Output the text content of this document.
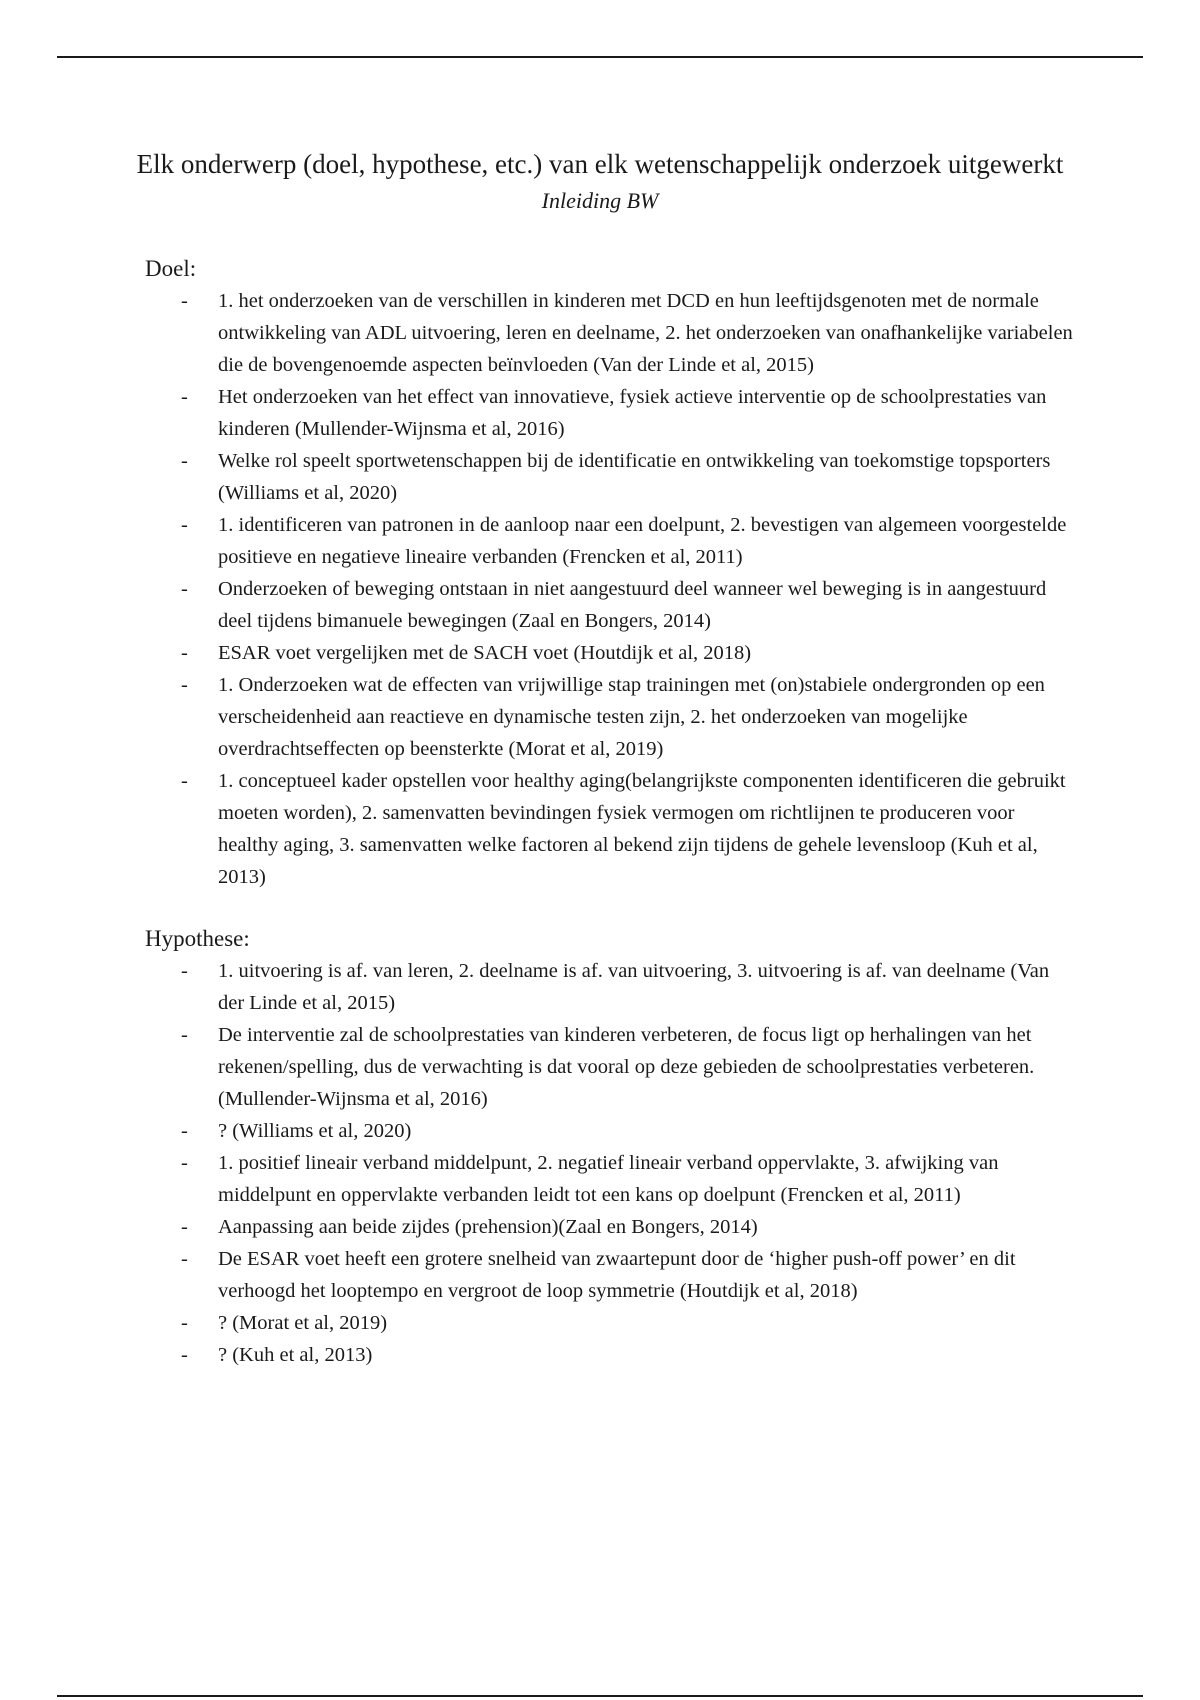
Elk onderwerp (doel, hypothese, etc.) van elk wetenschappelijk onderzoek uitgewerkt
Inleiding BW
Doel:
- 1. het onderzoeken van de verschillen in kinderen met DCD en hun leeftijdsgenoten met de normale ontwikkeling van ADL uitvoering, leren en deelname, 2. het onderzoeken van onafhankelijke variabelen die de bovengenoemde aspecten beïnvloeden (Van der Linde et al, 2015)
- Het onderzoeken van het effect van innovatieve, fysiek actieve interventie op de schoolprestaties van kinderen (Mullender-Wijnsma et al, 2016)
- Welke rol speelt sportwetenschappen bij de identificatie en ontwikkeling van toekomstige topsporters (Williams et al, 2020)
- 1. identificeren van patronen in de aanloop naar een doelpunt, 2. bevestigen van algemeen voorgestelde positieve en negatieve lineaire verbanden (Frencken et al, 2011)
- Onderzoeken of beweging ontstaan in niet aangestuurd deel wanneer wel beweging is in aangestuurd deel tijdens bimanuele bewegingen (Zaal en Bongers, 2014)
- ESAR voet vergelijken met de SACH voet (Houtdijk et al, 2018)
- 1. Onderzoeken wat de effecten van vrijwillige stap trainingen met (on)stabiele ondergronden op een verscheidenheid aan reactieve en dynamische testen zijn, 2. het onderzoeken van mogelijke overdrachtseffecten op beensterkte (Morat et al, 2019)
- 1. conceptueel kader opstellen voor healthy aging(belangrijkste componenten identificeren die gebruikt moeten worden), 2. samenvatten bevindingen fysiek vermogen om richtlijnen te produceren voor healthy aging, 3. samenvatten welke factoren al bekend zijn tijdens de gehele levensloop (Kuh et al, 2013)
Hypothese:
- 1. uitvoering is af. van leren, 2. deelname is af. van uitvoering, 3. uitvoering is af. van deelname (Van der Linde et al, 2015)
- De interventie zal de schoolprestaties van kinderen verbeteren, de focus ligt op herhalingen van het rekenen/spelling, dus de verwachting is dat vooral op deze gebieden de schoolprestaties verbeteren. (Mullender-Wijnsma et al, 2016)
- ? (Williams et al, 2020)
- 1. positief lineair verband middelpunt, 2. negatief lineair verband oppervlakte, 3. afwijking van middelpunt en oppervlakte verbanden leidt tot een kans op doelpunt (Frencken et al, 2011)
- Aanpassing aan beide zijdes (prehension)(Zaal en Bongers, 2014)
- De ESAR voet heeft een grotere snelheid van zwaartepunt door de ‘higher push-off power’ en dit verhoogd het looptempo en vergroot de loop symmetrie (Houtdijk et al, 2018)
- ? (Morat et al, 2019)
- ? (Kuh et al, 2013)
